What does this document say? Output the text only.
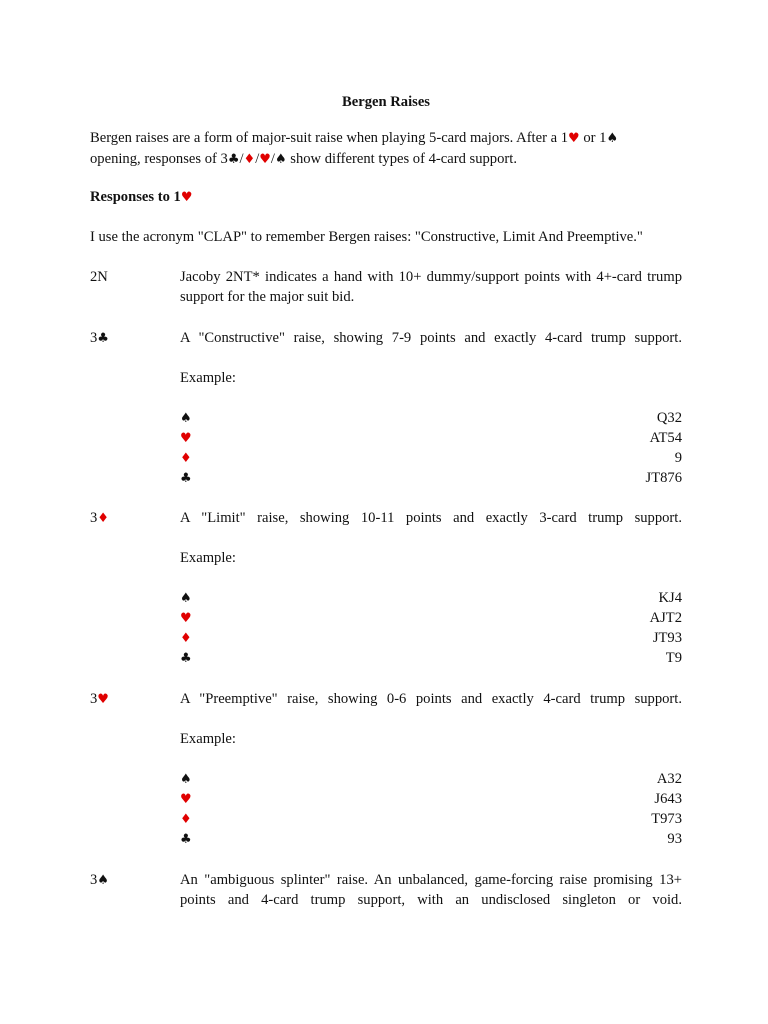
Bergen Raises
Bergen raises are a form of major-suit raise when playing 5-card majors. After a 1♥ or 1♠
opening, responses of 3♣/♦/♥/♠ show different types of 4-card support.
Responses to 1♥
I use the acronym "CLAP" to remember Bergen raises: "Constructive, Limit And Preemptive."
2N	Jacoby 2NT* indicates a hand with 10+ dummy/support points with 4+-card trump support for the major suit bid.
3♣	A "Constructive" raise, showing 7-9 points and exactly 4-card trump support.
Example:
♠Q32
♥AT54
♦9
♣JT876
3♦	A "Limit" raise, showing 10-11 points and exactly 3-card trump support.
Example:
♠KJ4
♥AJT2
♦JT93
♣T9
3♥	A "Preemptive" raise, showing 0-6 points and exactly 4-card trump support.
Example:
♠A32
♥J643
♦T973
♣93
3♠	An "ambiguous splinter" raise. An unbalanced, game-forcing raise promising 13+ points and 4-card trump support, with an undisclosed singleton or void.
